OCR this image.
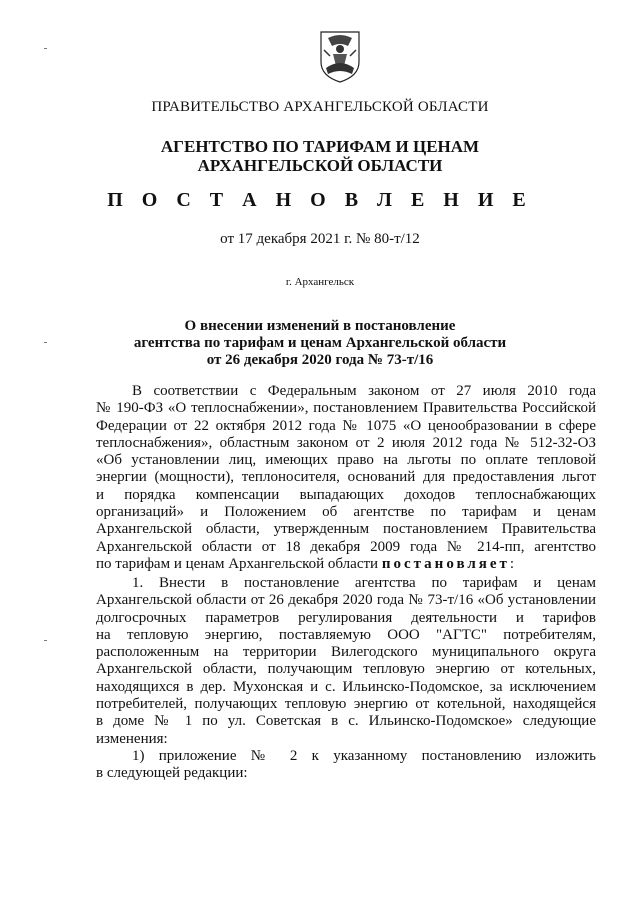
ПРАВИТЕЛЬСТВО АРХАНГЕЛЬСКОЙ ОБЛАСТИ
АГЕНТСТВО ПО ТАРИФАМ И ЦЕНАМ
АРХАНГЕЛЬСКОЙ ОБЛАСТИ
П О С Т А Н О В Л Е Н И Е
от 17 декабря 2021 г. № 80-т/12
г. Архангельск
О внесении изменений в постановление
агентства по тарифам и ценам Архангельской области
от 26 декабря 2020 года № 73-т/16
В соответствии с Федеральным законом от 27 июля 2010 года
№ 190-ФЗ «О теплоснабжении», постановлением Правительства Российской
Федерации от 22 октября 2012 года № 1075 «О ценообразовании в сфере
теплоснабжения», областным законом от 2 июля 2012 года № 512-32-ОЗ
«Об установлении лиц, имеющих право на льготы по оплате тепловой
энергии (мощности), теплоносителя, оснований для предоставления льгот
и порядка компенсации выпадающих доходов теплоснабжающих
организаций» и Положением об агентстве по тарифам и ценам
Архангельской области, утвержденным постановлением Правительства
Архангельской области от 18 декабря 2009 года № 214-пп, агентство
по тарифам и ценам Архангельской области постановляет:
1. Внести в постановление агентства по тарифам и ценам
Архангельской области от 26 декабря 2020 года № 73-т/16 «Об установлении
долгосрочных параметров регулирования деятельности и тарифов
на тепловую энергию, поставляемую ООО "АГТС" потребителям,
расположенным на территории Вилегодского муниципального округа
Архангельской области, получающим тепловую энергию от котельных,
находящихся в дер. Мухонская и с. Ильинско-Подомское, за исключением
потребителей, получающих тепловую энергию от котельной, находящейся
в доме № 1 по ул. Советская в с. Ильинско-Подомское» следующие
изменения:
1) приложение № 2 к указанному постановлению изложить
в следующей редакции:
